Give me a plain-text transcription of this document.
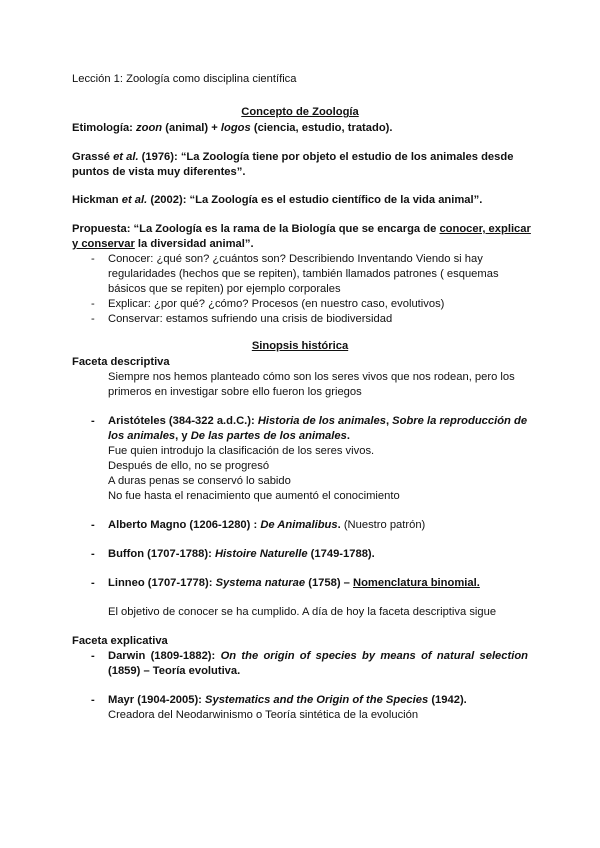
Lección 1: Zoología como disciplina científica
Concepto de Zoología
Etimología: zoon (animal) + logos (ciencia, estudio, tratado).
Grassé et al. (1976): “La Zoología tiene por objeto el estudio de los animales desde
puntos de vista muy diferentes”.
Hickman et al. (2002): “La Zoología es el estudio científico de la vida animal”.
Propuesta: “La Zoología es la rama de la Biología que se encarga de conocer, explicar
y conservar la diversidad animal”.
- Conocer: ¿qué son? ¿cuántos son? Describiendo Inventando Viendo si hay
regularidades (hechos que se repiten), también llamados patrones ( esquemas
básicos que se repiten) por ejemplo corporales
- Explicar: ¿por qué? ¿cómo? Procesos (en nuestro caso, evolutivos)
- Conservar: estamos sufriendo una crisis de biodiversidad
Sinopsis histórica
Faceta descriptiva
Siempre nos hemos planteado cómo son los seres vivos que nos rodean, pero los
primeros en investigar sobre ello fueron los griegos
- Aristóteles (384-322 a.d.C.): Historia de los animales, Sobre la reproducción de
los animales, y De las partes de los animales.
Fue quien introdujo la clasificación de los seres vivos.
Después de ello, no se progresó
A duras penas se conservó lo sabido
No fue hasta el renacimiento que aumentó el conocimiento
- Alberto Magno (1206-1280) : De Animalibus. (Nuestro patrón)
- Buffon (1707-1788): Histoire Naturelle (1749-1788).
- Linneo (1707-1778): Systema naturae (1758) – Nomenclatura binomial.
El objetivo de conocer se ha cumplido. A día de hoy la faceta descriptiva sigue
Faceta explicativa
- Darwin (1809-1882): On the origin of species by means of natural selection
(1859) – Teoría evolutiva.
- Mayr (1904-2005): Systematics and the Origin of the Species (1942).
Creadora del Neodarwinismo o Teoría sintética de la evolución
